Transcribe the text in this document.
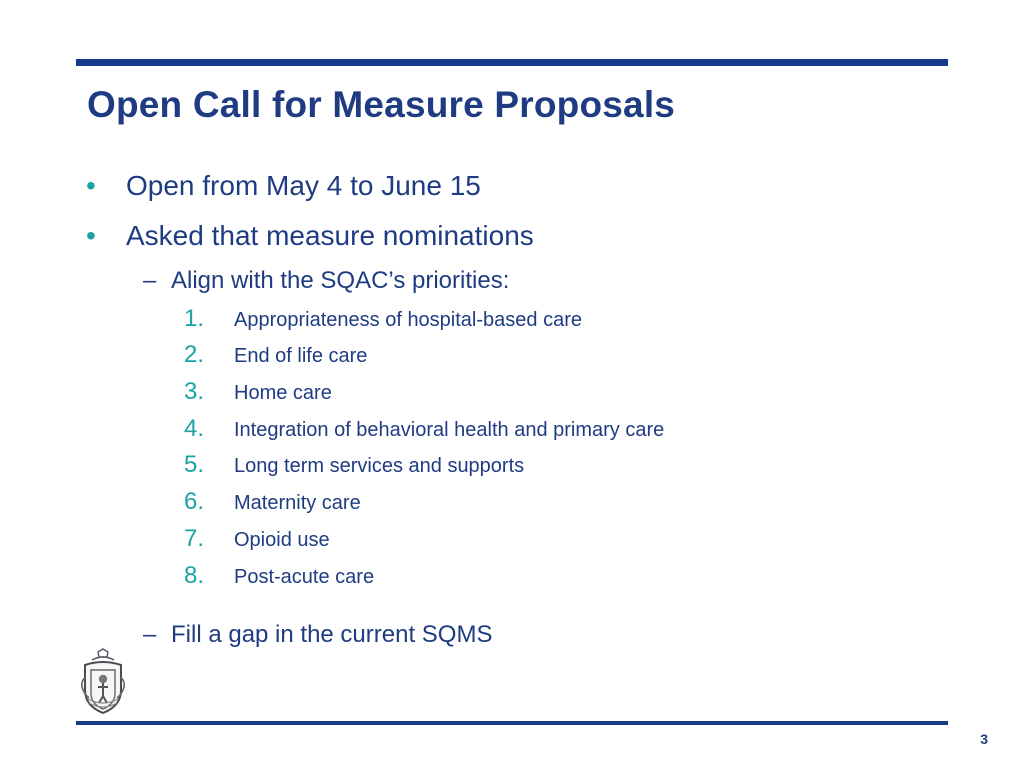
Open Call for Measure Proposals
•	Open from May 4 to June 15
•	Asked that measure nominations
– Align with the SQAC’s priorities:
1.	Appropriateness of hospital-based care
2.	End of life care
3.	Home care
4.	Integration of behavioral health and primary care
5.	Long term services and supports
6.	Maternity care
7.	Opioid use
8.	Post-acute care
– Fill a gap in the current SQMS
3
